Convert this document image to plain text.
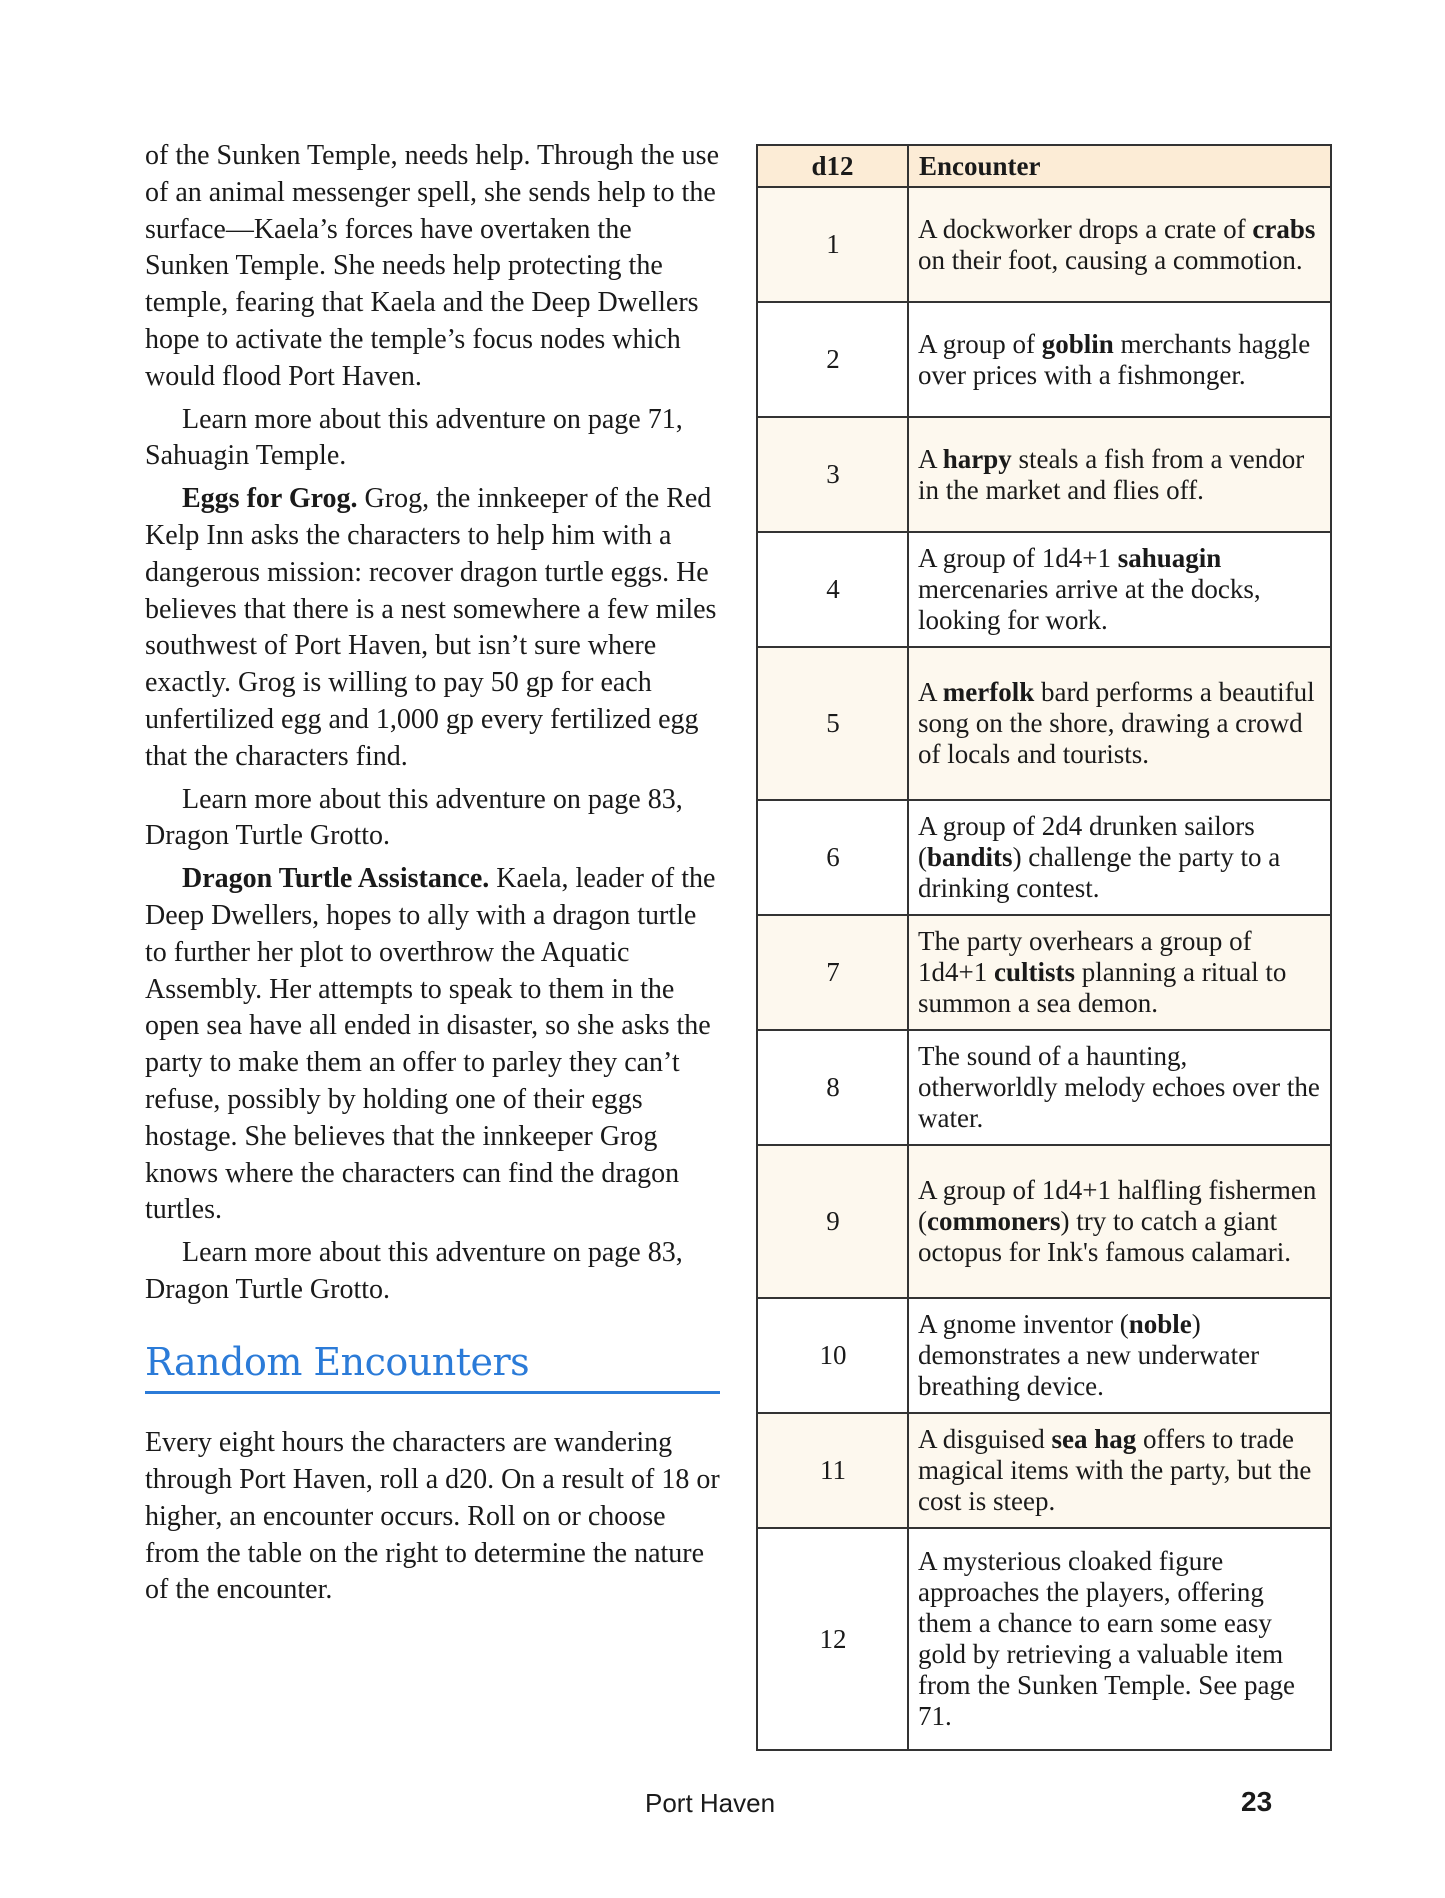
of the Sunken Temple, needs help. Through the use of an animal messenger spell, she sends help to the surface—Kaela’s forces have overtaken the Sunken Temple. She needs help protecting the temple, fearing that Kaela and the Deep Dwellers hope to activate the temple’s focus nodes which would flood Port Haven.

Learn more about this adventure on page 71, Sahuagin Temple.

Eggs for Grog. Grog, the innkeeper of the Red Kelp Inn asks the characters to help him with a dangerous mission: recover dragon turtle eggs. He believes that there is a nest somewhere a few miles southwest of Port Haven, but isn’t sure where exactly. Grog is willing to pay 50 gp for each unfertilized egg and 1,000 gp every fertilized egg that the characters find.

Learn more about this adventure on page 83, Dragon Turtle Grotto.

Dragon Turtle Assistance. Kaela, leader of the Deep Dwellers, hopes to ally with a dragon turtle to further her plot to overthrow the Aquatic Assembly. Her attempts to speak to them in the open sea have all ended in disaster, so she asks the party to make them an offer to parley they can’t refuse, possibly by holding one of their eggs hostage. She believes that the innkeeper Grog knows where the characters can find the dragon turtles.

Learn more about this adventure on page 83, Dragon Turtle Grotto.

Random Encounters

Every eight hours the characters are wandering through Port Haven, roll a d20. On a result of 18 or higher, an encounter occurs. Roll on or choose from the table on the right to determine the nature of the encounter.

d12	Encounter
1	A dockworker drops a crate of crabs on their foot, causing a commotion.
2	A group of goblin merchants haggle over prices with a fishmonger.
3	A harpy steals a fish from a vendor in the market and flies off.
4	A group of 1d4+1 sahuagin mercenaries arrive at the docks, looking for work.
5	A merfolk bard performs a beautiful song on the shore, drawing a crowd of locals and tourists.
6	A group of 2d4 drunken sailors (bandits) challenge the party to a drinking contest.
7	The party overhears a group of 1d4+1 cultists planning a ritual to summon a sea demon.
8	The sound of a haunting, otherworldly melody echoes over the water.
9	A group of 1d4+1 halfling fishermen (commoners) try to catch a giant octopus for Ink's famous calamari.
10	A gnome inventor (noble) demonstrates a new underwater breathing device.
11	A disguised sea hag offers to trade magical items with the party, but the cost is steep.
12	A mysterious cloaked figure approaches the players, offering them a chance to earn some easy gold by retrieving a valuable item from the Sunken Temple. See page 71.
Port Haven	23
